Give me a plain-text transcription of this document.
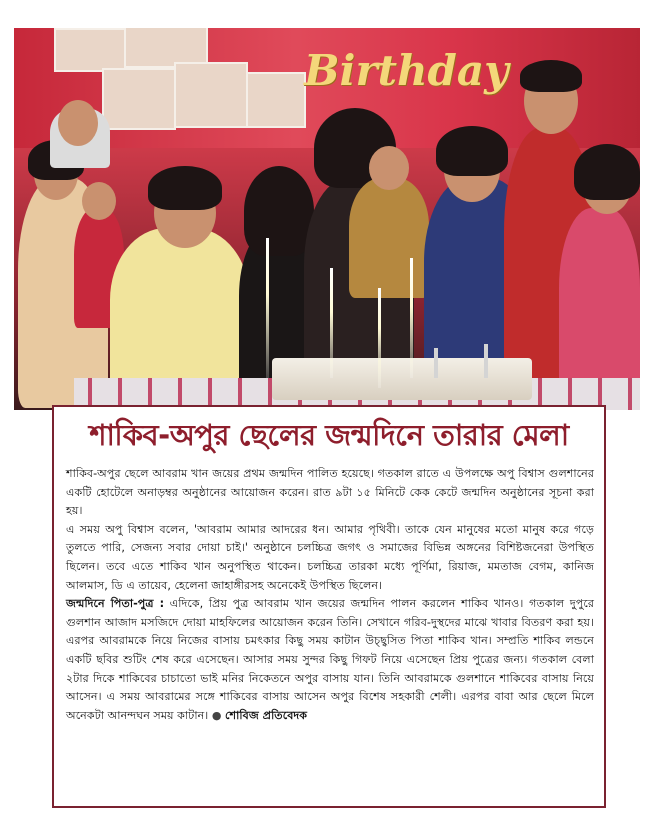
Birthday
শাকিব-অপুর ছেলের জন্মদিনে তারার মেলা

শাকিব-অপুর ছেলে আবরাম খান জয়ের প্রথম জন্মদিন পালিত হয়েছে। গতকাল রাতে এ উপলক্ষে অপু বিশ্বাস গুলশানের একটি হোটেলে অনাড়ম্বর অনুষ্ঠানের আয়োজন করেন। রাত ৯টা ১৫ মিনিটে কেক কেটে জন্মদিন অনুষ্ঠানের সূচনা করা হয়।

এ সময় অপু বিশ্বাস বলেন, 'আবরাম আমার আদরের ধন। আমার পৃথিবী। তাকে যেন মানুষের মতো মানুষ করে গড়ে তুলতে পারি, সেজন্য সবার দোয়া চাই।' অনুষ্ঠানে চলচ্চিত্র জগৎ ও সমাজের বিভিন্ন অঙ্গনের বিশিষ্টজনেরা উপস্থিত ছিলেন। তবে এতে শাকিব খান অনুপস্থিত থাকেন। চলচ্চিত্র তারকা মধ্যে পূর্ণিমা, রিয়াজ, মমতাজ বেগম, কানিজ আলমাস, ডি এ তায়েব, হেলেনা জাহাঙ্গীরসহ অনেকেই উপস্থিত ছিলেন।

জন্মদিনে পিতা-পুত্র : এদিকে, প্রিয় পুত্র আবরাম খান জয়ের জন্মদিন পালন করলেন শাকিব খানও। গতকাল দুপুরে গুলশান আজাদ মসজিদে দোয়া মাহফিলের আয়োজন করেন তিনি। সেখানে গরিব-দুস্থদের মাঝে খাবার বিতরণ করা হয়। এরপর আবরামকে নিয়ে নিজের বাসায় চমৎকার কিছু সময় কাটান উচ্ছ্বসিত পিতা শাকিব খান। সম্প্রতি শাকিব লন্ডনে একটি ছবির শুটিং শেষ করে এসেছেন। আসার সময় সুন্দর কিছু গিফট নিয়ে এসেছেন প্রিয় পুত্রের জন্য। গতকাল বেলা ২টার দিকে শাকিবের চাচাতো ভাই মনির নিকেতনে অপুর বাসায় যান। তিনি আবরামকে গুলশানে শাকিবের বাসায় নিয়ে আসেন। এ সময় আবরামের সঙ্গে শাকিবের বাসায় আসেন অপুর বিশেষ সহকারী শেলী। এরপর বাবা আর ছেলে মিলে অনেকটা আনন্দঘন সময় কাটান। ● শোবিজ প্রতিবেদক
